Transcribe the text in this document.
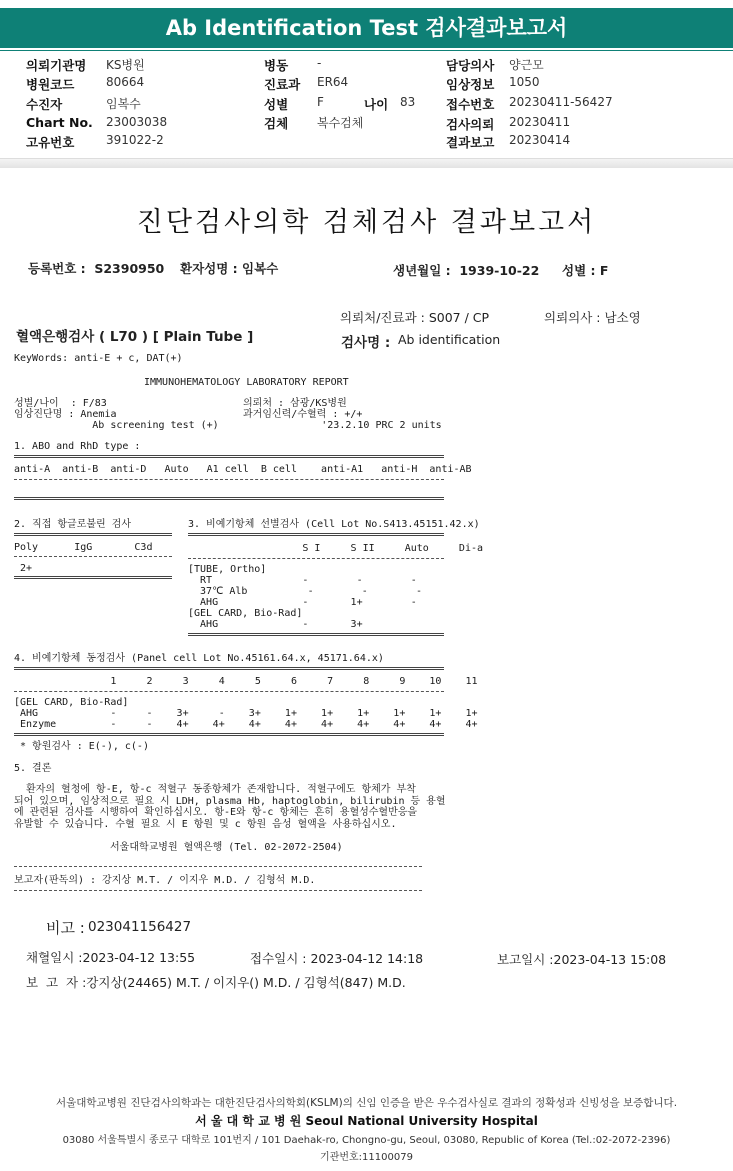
Ab Identification Test 검사결과보고서
의뢰기관명 KS병원
병원코드	80664
수진자	임복수
Chart No. 23003038
고유번호	391022-2
병동 -
진료과 ER64
성별 F	나이 83
검체 복수검체
담당의사 양근모
임상정보 1050
접수번호 20230411-56427
검사의뢰 20230411
결과보고 20230414
진단검사의학 검체검사 결과보고서
등록번호 :  S2390950 환자성명 : 임복수	생년월일 :  1939-10-22 성별 : F
의뢰처/진료과 : S007 / CP	의뢰의사 : 남소영
혈액은행검사 ( L70 ) [ Plain Tube ]	검사명 : Ab identification
KeyWords: anti-E + c, DAT(+)
IMMUNOHEMATOLOGY LABORATORY REPORT
성별/나이  : F/83
임상진단명 : Anemia
Ab screening test (+)
의뢰처 : 삼광/KS병원
과거임신력/수혈력 : +/+
'23.2.10 PRC 2 units
1. ABO and RhD type :
anti-A  anti-B  anti-D   Auto   A1 cell  B cell    anti-A1   anti-H  anti-AB
2. 직접 항글로불린 검사
Poly      IgG       C3d
2+
3. 비예기항체 선별검사 (Cell Lot No.S413.45151.42.x)
S I     S II     Auto     Di-a
[TUBE, Ortho]
RT               -        -        -
37℃ Alb          -        -        -
AHG              -       1+        -
[GEL CARD, Bio-Rad]
AHG              -       3+
4. 비예기항체 동정검사 (Panel cell Lot No.45161.64.x, 45171.64.x)
1     2     3     4     5     6     7     8     9    10    11
[GEL CARD, Bio-Rad]
AHG            -     -    3+     -    3+    1+    1+    1+    1+    1+    1+
Enzyme         -     -    4+    4+    4+    4+    4+    4+    4+    4+    4+
* 항원검사 : E(-), c(-)
5. 결론
환자의 혈청에 항-E, 항-c 적혈구 동종항체가 존재합니다. 적혈구에도 항체가 부착
되어 있으며, 임상적으로 필요 시 LDH, plasma Hb, haptoglobin, bilirubin 등 용혈
에 관련된 검사를 시행하여 확인하십시오. 항-E와 항-c 항체는 흔히 용혈성수혈반응을
유발할 수 있습니다. 수혈 필요 시 E 항원 및 c 항원 음성 혈액을 사용하십시오.
서울대학교병원 혈액은행 (Tel. 02-2072-2504)
보고자(판독의) : 강지상 M.T. / 이지우 M.D. / 김형석 M.D.
비고 : 023041156427
채혈일시 :2023-04-12 13:55	접수일시 : 2023-04-12 14:18	보고일시 :2023-04-13 15:08
보  고  자 :강지상(24465) M.T. / 이지우() M.D. / 김형석(847) M.D.
서울대학교병원 진단검사의학과는 대한진단검사의학회(KSLM)의 신임 인증을 받은 우수검사실로 결과의 정확성과 신빙성을 보증합니다.
서 울 대 학 교 병 원 Seoul National University Hospital
03080 서울특별시 종로구 대학로 101번지 / 101 Daehak-ro, Chongno-gu, Seoul, 03080, Republic of Korea (Tel.:02-2072-2396)
기관번호:11100079
